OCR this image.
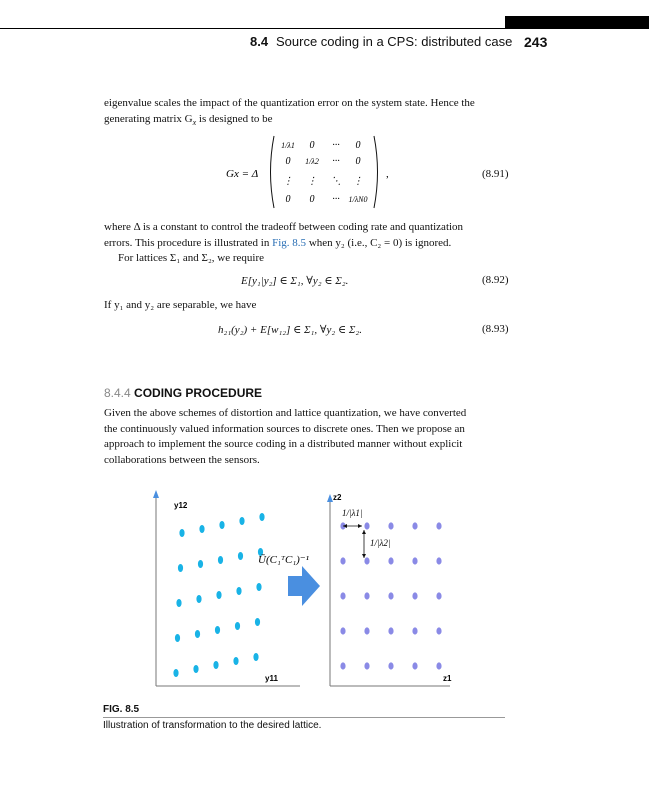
8.4 Source coding in a CPS: distributed case 243
eigenvalue scales the impact of the quantization error on the system state. Hence the
generating matrix $G_x$ is designed to be
Gx = Δ
1/λ1 0 ··· 0
0 1/λ2 ··· 0
⋮ ⋮ ⋱ ⋮
0 0 ··· 1/λN0
,	(8.91)
where Δ is a constant to control the tradeoff between coding rate and quantization
errors. This procedure is illustrated in Fig. 8.5 when y₂ (i.e., C₂ = 0) is ignored.
For lattices Σ₁ and Σ₂, we require
E[y₁|y₂] ∈ Σ₁, ∀y₂ ∈ Σ₂.	(8.92)
If y₁ and y₂ are separable, we have
h₂₁(y₂) + E[w₁₂] ∈ Σ₁, ∀y₂ ∈ Σ₂.	(8.93)
8.4.4 CODING PROCEDURE
Given the above schemes of distortion and lattice quantization, we have converted
the continuously valued information sources to discrete ones. Then we propose an
approach to implement the source coding in a distributed manner without explicit
collaborations between the sensors.
y12
y11
Ū(C₁ᵀC₁)⁻¹
z2
z1
1/|λ1|
1/|λ2|
FIG. 8.5
Illustration of transformation to the desired lattice.
